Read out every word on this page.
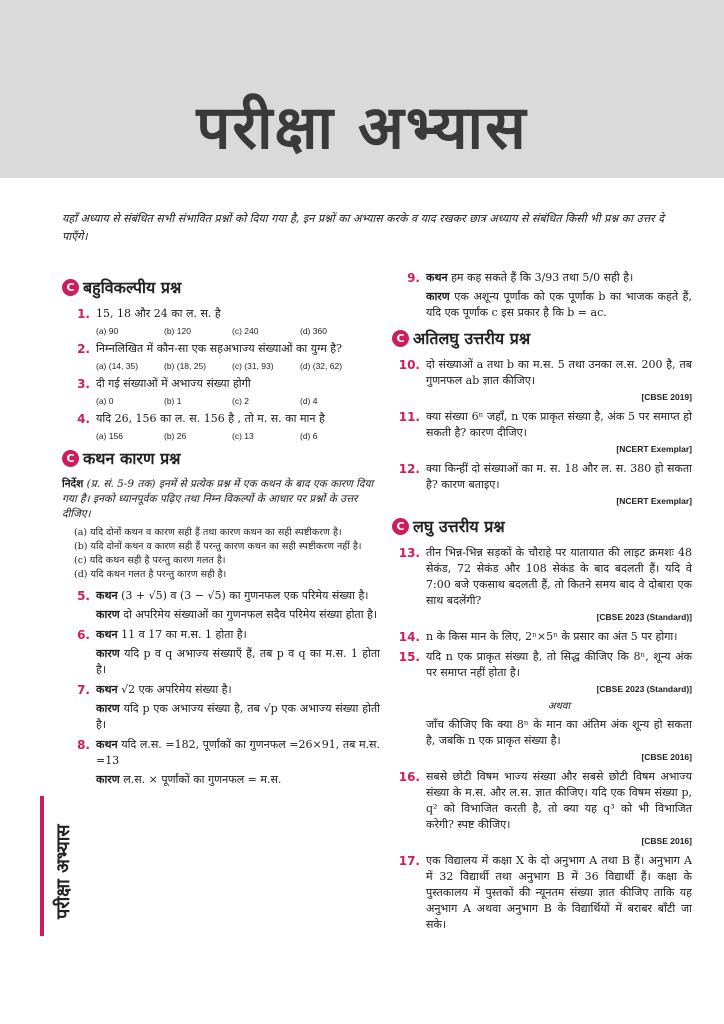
परीक्षा अभ्यास
यहाँ अध्याय से संबंधित सभी संभावित प्रश्नों को दिया गया है, इन प्रश्नों का अभ्यास करके व याद रखकर छात्र अध्याय से संबंधित किसी भी प्रश्न का उत्तर दे पाएँगे।
परीक्षा अभ्यास
C बहुविकल्पीय प्रश्न
1. 15, 18 और 24 का ल. स. है
(a) 90	(b) 120	(c) 240	(d) 360
2. निम्नलिखित में कौन-सा एक सहअभाज्य संख्याओं का युग्म है?
(a) (14, 35)	(b) (18, 25)	(c) (31, 93)	(d) (32, 62)
3. दी गई संख्याओं में अभाज्य संख्या होगी
(a) 0	(b) 1	(c) 2	(d) 4
4. यदि 26, 156 का ल. स. 156 है , तो म. स. का मान है
(a) 156	(b) 26	(c) 13	(d) 6
C कथन कारण प्रश्न
निर्देश (प्र. सं. 5-9 तक) इनमें से प्रत्येक प्रश्न में एक कथन के बाद एक कारण दिया गया है। इनको ध्यानपूर्वक पढ़िए तथा निम्न विकल्पों के आधार पर प्रश्नों के उत्तर दीजिए।
(a) यदि दोनों कथन व कारण सही हैं तथा कारण कथन का सही स्पष्टीकरण है।
(b) यदि दोनों कथन व कारण सही हैं परन्तु कारण कथन का सही स्पष्टीकरण नहीं है।
(c) यदि कथन सही है परन्तु कारण गलत है।
(d) यदि कथन गलत है परन्तु कारण सही है।
5. कथन (3 + √5) व (3 − √5) का गुणनफल एक परिमेय संख्या है।
कारण दो अपरिमेय संख्याओं का गुणनफल सदैव परिमेय संख्या होता है।
6. कथन 11 व 17 का म.स. 1 होता है।
कारण यदि p व q अभाज्य संख्याएँ हैं, तब p व q का म.स. 1 होता है।
7. कथन √2 एक अपरिमेय संख्या है।
कारण यदि p एक अभाज्य संख्या है, तब √p एक अभाज्य संख्या होती है।
8. कथन यदि ल.स. =182, पूर्णांकों का गुणनफल =26×91, तब म.स. =13
कारण ल.स. × पूर्णांकों का गुणनफल = म.स.
9. कथन हम कह सकते हैं कि 3/93 तथा 5/0 सही है।
कारण एक अशून्य पूर्णांक को एक पूर्णांक b का भाजक कहते हैं, यदि एक पूर्णांक c इस प्रकार है कि b = ac.
C अतिलघु उत्तरीय प्रश्न
10. दो संख्याओं a तथा b का म.स. 5 तथा उनका ल.स. 200 है, तब गुणनफल ab ज्ञात कीजिए।
[CBSE 2019]
11. क्या संख्या 6ⁿ जहाँ, n एक प्राकृत संख्या है, अंक 5 पर समाप्त हो सकती है? कारण दीजिए।
[NCERT Exemplar]
12. क्या किन्हीं दो संख्याओं का म. स. 18 और ल. स. 380 हो सकता है? कारण बताइए।
[NCERT Exemplar]
C लघु उत्तरीय प्रश्न
13. तीन भिन्न-भिन्न सड़कों के चौराहे पर यातायात की लाइट क्रमशः 48 सेकंड, 72 सेकंड और 108 सेकंड के बाद बदलती हैं। यदि वे 7:00 बजे एकसाथ बदलती हैं, तो कितने समय बाद वे दोबारा एक साथ बदलेंगी?
[CBSE 2023 (Standard)]
14. n के किस मान के लिए, 2ⁿ×5ⁿ के प्रसार का अंत 5 पर होगा।
15. यदि n एक प्राकृत संख्या है, तो सिद्ध कीजिए कि 8ⁿ, शून्य अंक पर समाप्त नहीं होता है।
[CBSE 2023 (Standard)]
अथवा
जाँच कीजिए कि क्या 8ⁿ के मान का अंतिम अंक शून्य हो सकता है, जबकि n एक प्राकृत संख्या है।
[CBSE 2016]
16. सबसे छोटी विषम भाज्य संख्या और सबसे छोटी विषम अभाज्य संख्या के म.स. और ल.स. ज्ञात कीजिए। यदि एक विषम संख्या p, q² को विभाजित करती है, तो क्या यह q³ को भी विभाजित करेगी? स्पष्ट कीजिए।
[CBSE 2016]
17. एक विद्यालय में कक्षा X के दो अनुभाग A तथा B हैं। अनुभाग A में 32 विद्यार्थी तथा अनुभाग B में 36 विद्यार्थी हैं। कक्षा के पुस्तकालय में पुस्तकों की न्यूनतम संख्या ज्ञात कीजिए ताकि यह अनुभाग A अथवा अनुभाग B के विद्यार्थियों में बराबर बाँटी जा सके।
